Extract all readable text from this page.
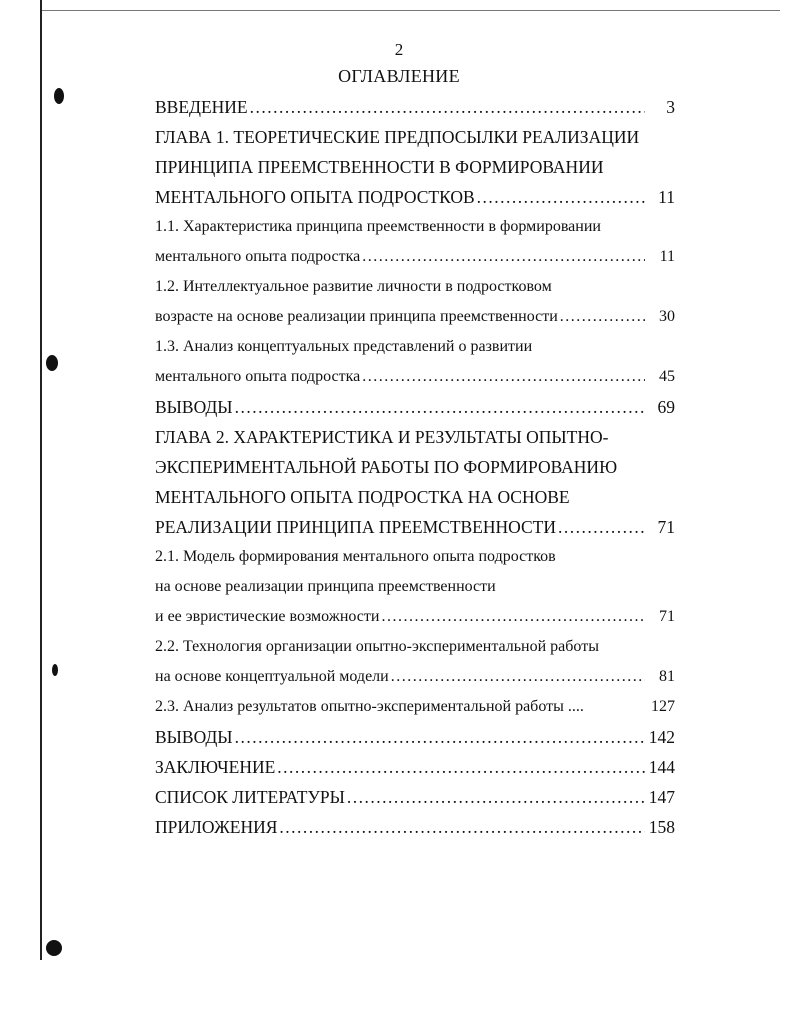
2
ОГЛАВЛЕНИЕ
ВВЕДЕНИЕ .....	3
ГЛАВА 1. ТЕОРЕТИЧЕСКИЕ ПРЕДПОСЫЛКИ РЕАЛИЗАЦИИ
ПРИНЦИПА ПРЕЕМСТВЕННОСТИ В ФОРМИРОВАНИИ
МЕНТАЛЬНОГО ОПЫТА ПОДРОСТКОВ .....	11
1.1. Характеристика принципа преемственности в формировании
ментального опыта подростка .....	11
1.2. Интеллектуальное развитие личности в подростковом
возрасте на основе реализации принципа преемственности .....	30
1.3. Анализ концептуальных представлений о развитии
ментального опыта подростка .....	45
ВЫВОДЫ .....	69
ГЛАВА 2. ХАРАКТЕРИСТИКА И РЕЗУЛЬТАТЫ ОПЫТНО-
ЭКСПЕРИМЕНТАЛЬНОЙ РАБОТЫ ПО ФОРМИРОВАНИЮ
МЕНТАЛЬНОГО ОПЫТА ПОДРОСТКА НА ОСНОВЕ
РЕАЛИЗАЦИИ ПРИНЦИПА ПРЕЕМСТВЕННОСТИ .....	71
2.1. Модель формирования ментального опыта подростков
на основе реализации принципа преемственности
и ее эвристические возможности .....	71
2.2. Технология организации опытно-экспериментальной работы
на основе концептуальной модели .....	81
2.3. Анализ результатов опытно-экспериментальной работы ....	127
ВЫВОДЫ .....	142
ЗАКЛЮЧЕНИЕ .....	144
СПИСОК ЛИТЕРАТУРЫ .....	147
ПРИЛОЖЕНИЯ .....	158
